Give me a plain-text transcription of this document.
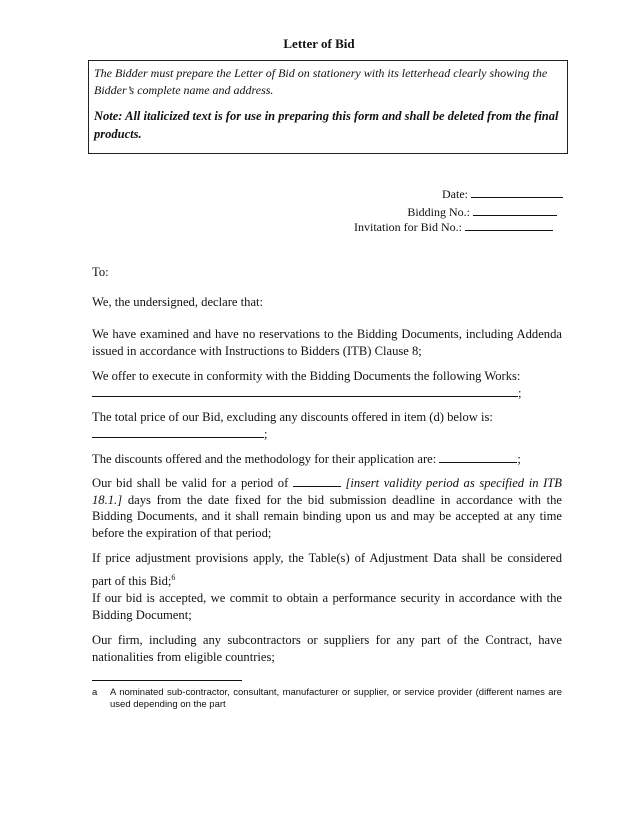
Letter of Bid

The Bidder must prepare the Letter of Bid on stationery with its letterhead clearly showing the Bidder’s complete name and address.

Note: All italicized text is for use in preparing this form and shall be deleted from the final products.

Date:
Bidding No.:
Invitation for Bid No.:
To:
We, the undersigned, declare that:

We have examined and have no reservations to the Bidding Documents, including Addenda issued in accordance with Instructions to Bidders (ITB) Clause 8;

We offer to execute in conformity with the Bidding Documents the following Works:
;

The total price of our Bid, excluding any discounts offered in item (d) below is:
;

The discounts offered and the methodology for their application are:	;

Our bid shall be valid for a period of	[insert validity period as specified in ITB 18.1.] days from the date fixed for the bid submission deadline in accordance with the Bidding Documents, and it shall remain binding upon us and may be accepted at any time before the expiration of that period;

If price adjustment provisions apply, the Table(s) of Adjustment Data shall be considered part of this Bid;$^6$

If our bid is accepted, we commit to obtain a performance security in accordance with the Bidding Document;

Our firm, including any subcontractors or suppliers for any part of the Contract, have nationalities from eligible countries;

a A nominated sub-contractor, consultant, manufacturer or supplier, or service provider (different names are used depending on the part
